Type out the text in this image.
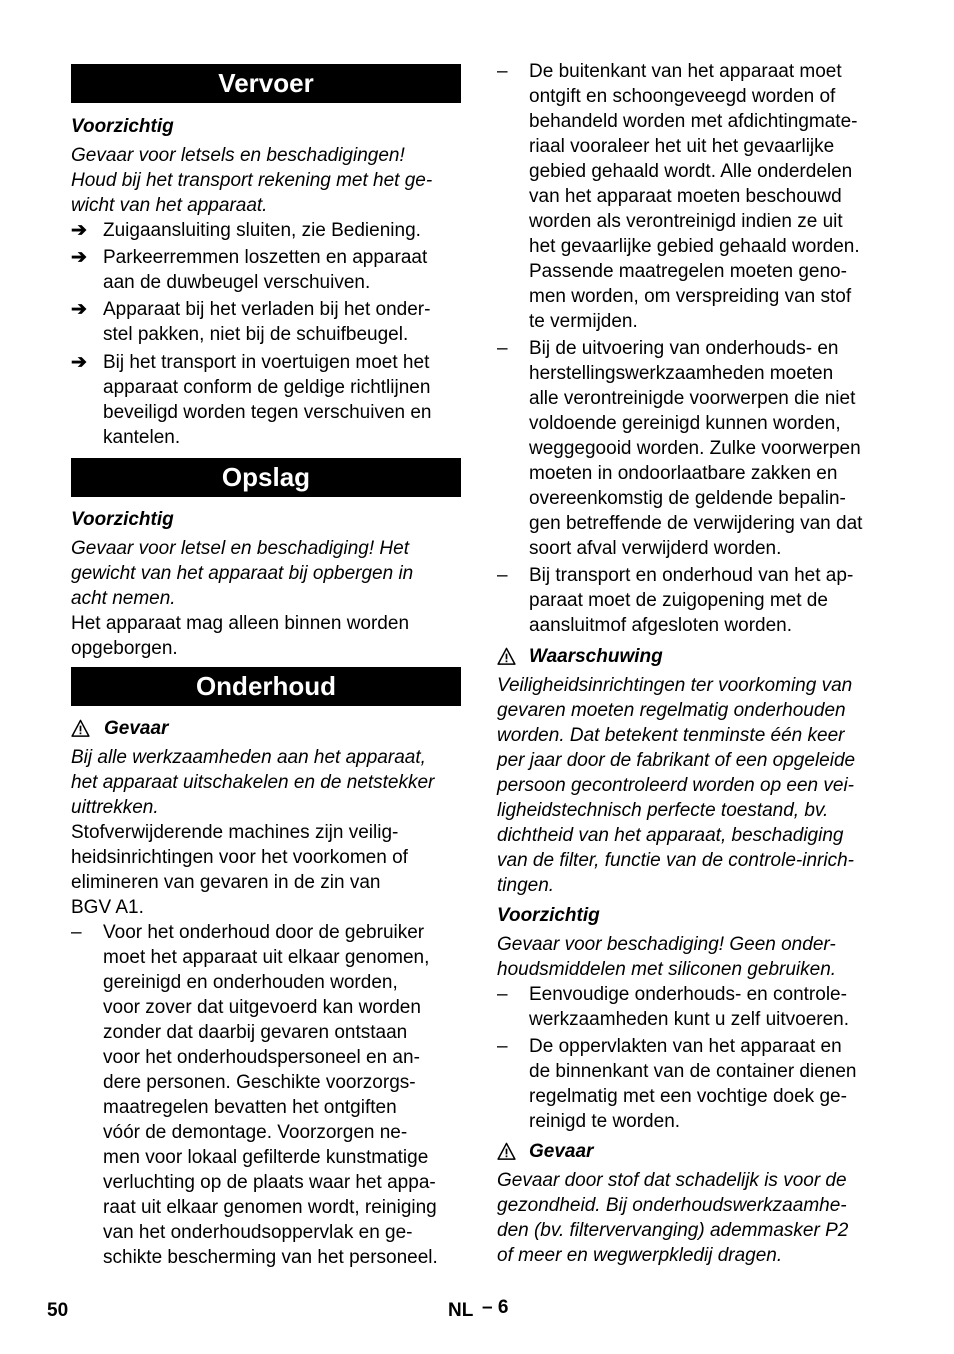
Vervoer
Voorzichtig
Gevaar voor letsels en beschadigingen!
Houd bij het transport rekening met het ge-
wicht van het apparaat.
➔ Zuigaansluiting sluiten, zie Bediening.
➔ Parkeerremmen loszetten en apparaat
aan de duwbeugel verschuiven.
➔ Apparaat bij het verladen bij het onder-
stel pakken, niet bij de schuifbeugel.
➔ Bij het transport in voertuigen moet het
apparaat conform de geldige richtlijnen
beveiligd worden tegen verschuiven en
kantelen.
Opslag
Voorzichtig
Gevaar voor letsel en beschadiging! Het
gewicht van het apparaat bij opbergen in
acht nemen.
Het apparaat mag alleen binnen worden
opgeborgen.
Onderhoud
Gevaar
Bij alle werkzaamheden aan het apparaat,
het apparaat uitschakelen en de netstekker
uittrekken.
Stofverwijderende machines zijn veilig-
heidsinrichtingen voor het voorkomen of
elimineren van gevaren in de zin van
BGV A1.
– Voor het onderhoud door de gebruiker
moet het apparaat uit elkaar genomen,
gereinigd en onderhouden worden,
voor zover dat uitgevoerd kan worden
zonder dat daarbij gevaren ontstaan
voor het onderhoudspersoneel en an-
dere personen. Geschikte voorzorgs-
maatregelen bevatten het ontgiften
vóór de demontage. Voorzorgen ne-
men voor lokaal gefilterde kunstmatige
verluchting op de plaats waar het appa-
raat uit elkaar genomen wordt, reiniging
van het onderhoudsoppervlak en ge-
schikte bescherming van het personeel.
– De buitenkant van het apparaat moet
ontgift en schoongeveegd worden of
behandeld worden met afdichtingmate-
riaal vooraleer het uit het gevaarlijke
gebied gehaald wordt. Alle onderdelen
van het apparaat moeten beschouwd
worden als verontreinigd indien ze uit
het gevaarlijke gebied gehaald worden.
Passende maatregelen moeten geno-
men worden, om verspreiding van stof
te vermijden.
– Bij de uitvoering van onderhouds- en
herstellingswerkzaamheden moeten
alle verontreinigde voorwerpen die niet
voldoende gereinigd kunnen worden,
weggegooid worden. Zulke voorwerpen
moeten in ondoorlaatbare zakken en
overeenkomstig de geldende bepalin-
gen betreffende de verwijdering van dat
soort afval verwijderd worden.
– Bij transport en onderhoud van het ap-
paraat moet de zuigopening met de
aansluitmof afgesloten worden.
Waarschuwing
Veiligheidsinrichtingen ter voorkoming van
gevaren moeten regelmatig onderhouden
worden. Dat betekent tenminste één keer
per jaar door de fabrikant of een opgeleide
persoon gecontroleerd worden op een vei-
ligheidstechnisch perfecte toestand, bv.
dichtheid van het apparaat, beschadiging
van de filter, functie van de controle-inrich-
tingen.
Voorzichtig
Gevaar voor beschadiging! Geen onder-
houdsmiddelen met siliconen gebruiken.
– Eenvoudige onderhouds- en controle-
werkzaamheden kunt u zelf uitvoeren.
– De oppervlakten van het apparaat en
de binnenkant van de container dienen
regelmatig met een vochtige doek ge-
reinigd te worden.
Gevaar
Gevaar door stof dat schadelijk is voor de
gezondheid. Bij onderhoudswerkzaamhe-
den (bv. filtervervanging) ademmasker P2
of meer en wegwerpkledij dragen.
50	NL – 6
